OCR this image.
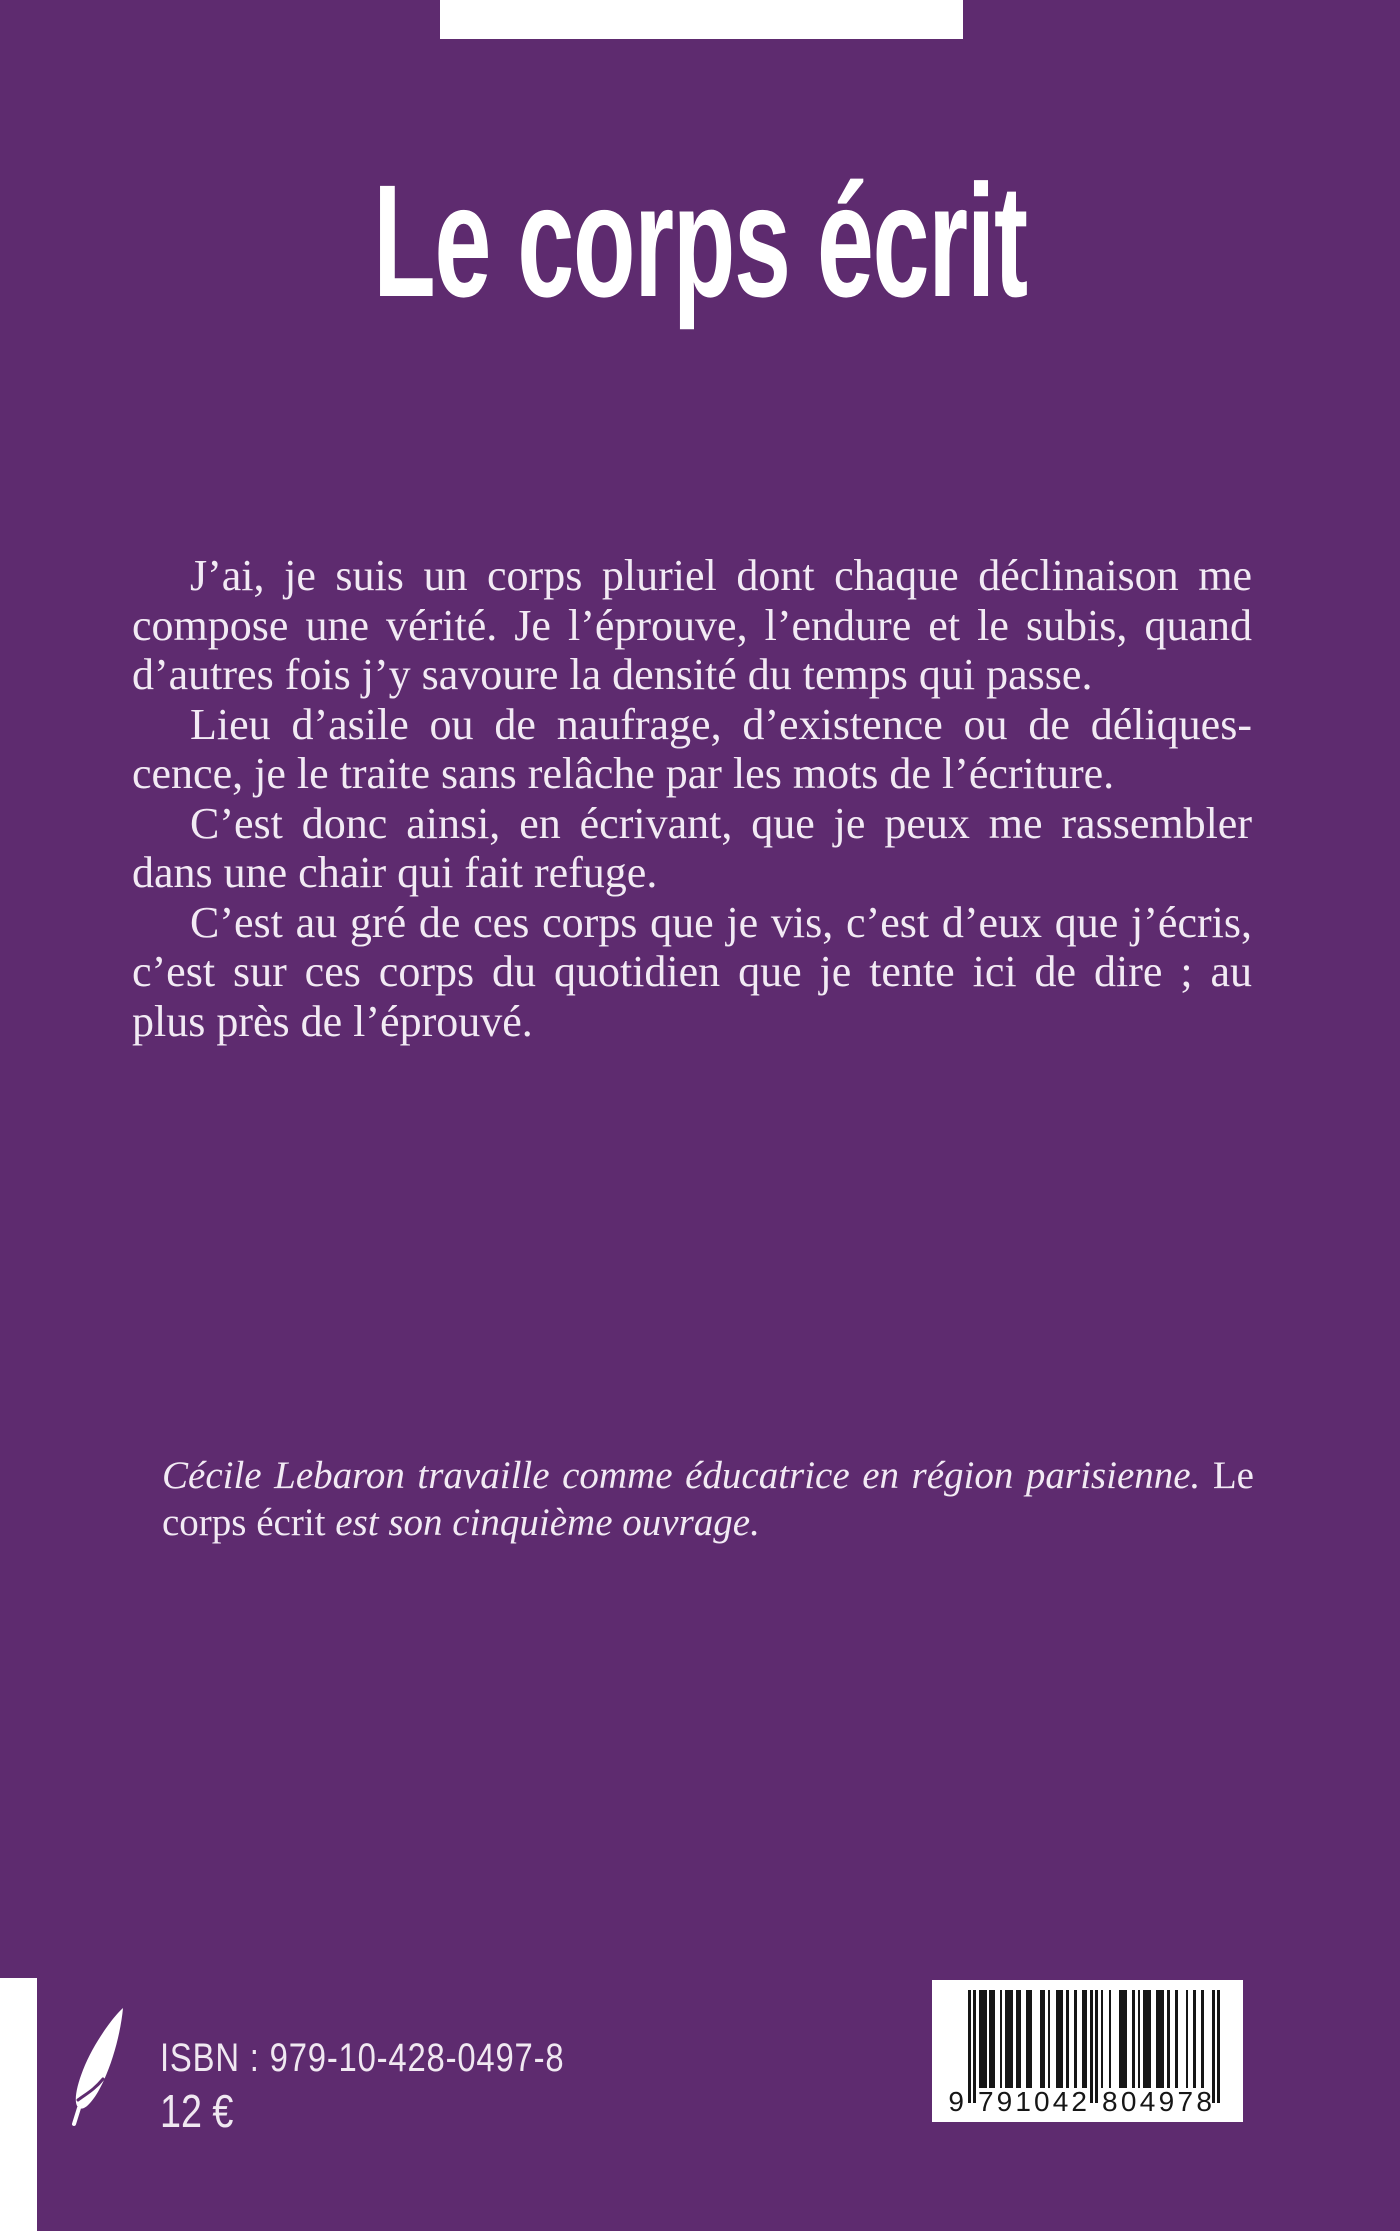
Le corps écrit
J’ai, je suis un corps pluriel dont chaque déclinaison me
compose une vérité. Je l’éprouve, l’endure et le subis, quand
d’autres fois j’y savoure la densité du temps qui passe.
Lieu d’asile ou de naufrage, d’existence ou de déliques-
cence, je le traite sans relâche par les mots de l’écriture.
C’est donc ainsi, en écrivant, que je peux me rassembler
dans une chair qui fait refuge.
C’est au gré de ces corps que je vis, c’est d’eux que j’écris,
c’est sur ces corps du quotidien que je tente ici de dire ; au
plus près de l’éprouvé.
Cécile Lebaron travaille comme éducatrice en région parisienne. Le
corps écrit est son cinquième ouvrage.
ISBN : 979-10-428-0497-8
12 €	9 7 9 1 0 4 2 8 0 4 9 7 8
